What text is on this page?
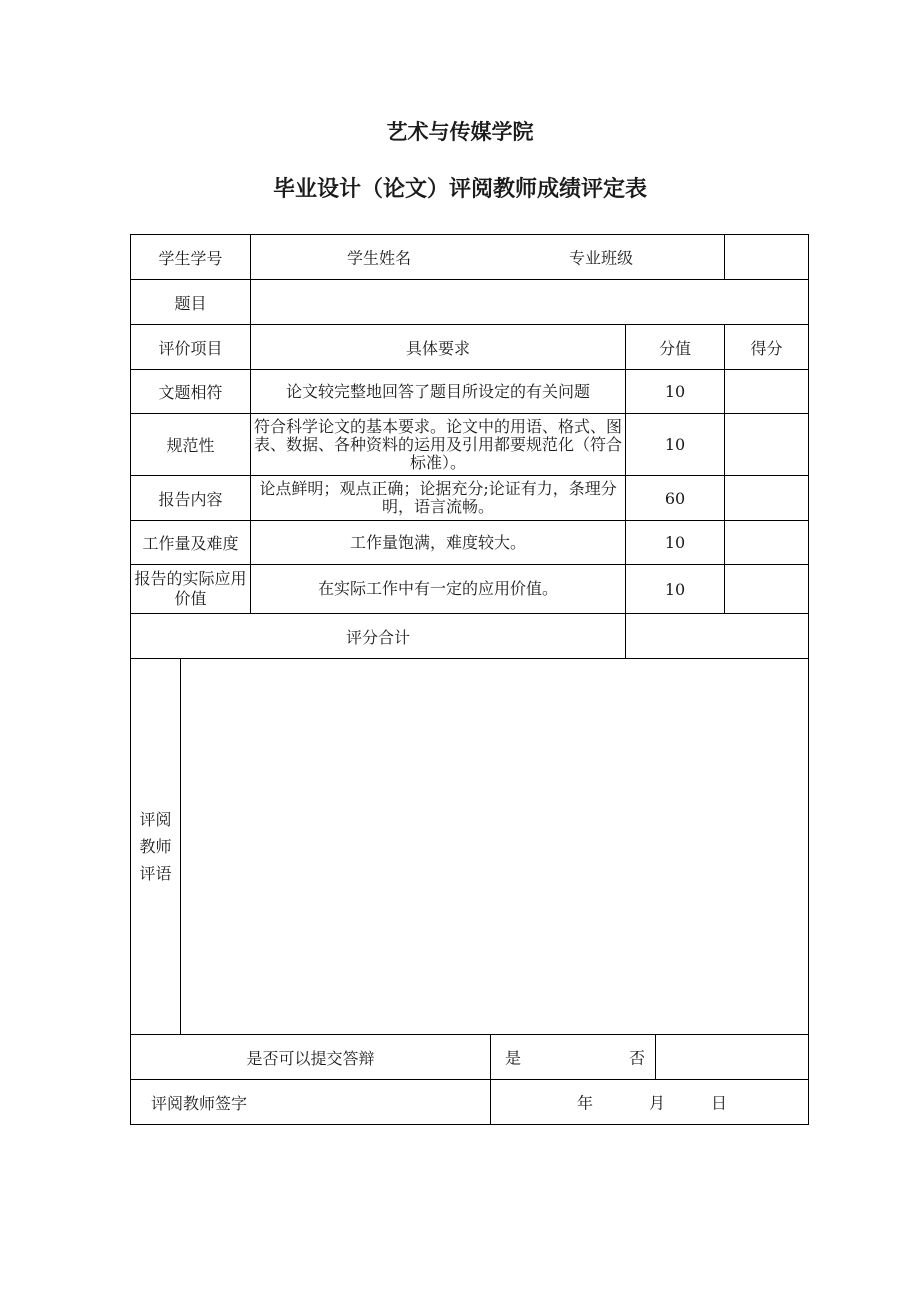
艺术与传媒学院
毕业设计（论文）评阅教师成绩评定表
学生学号		学生姓名 专业班级				

题目						
评价项目		具体要求		分值		得分
文题相符		论文较完整地回答了题目所设定的有关问题		10		
规范性		符合科学论文的基本要求。论文中的用语、格式、图表、数据、各种资料的运用及引用都要规范化（符合标准）。		10		
报告内容		论点鲜明；观点正确；论据充分;论证有力，条理分明，语言流畅。		60		
工作量及难度		工作量饱满，难度较大。		10		
报告的实际应用价值		在实际工作中有一定的应用价值。		10		
评分合计						
评阅教师评语						
是否可以提交答辩			是 否			

评阅教师签字			年 月 日			
